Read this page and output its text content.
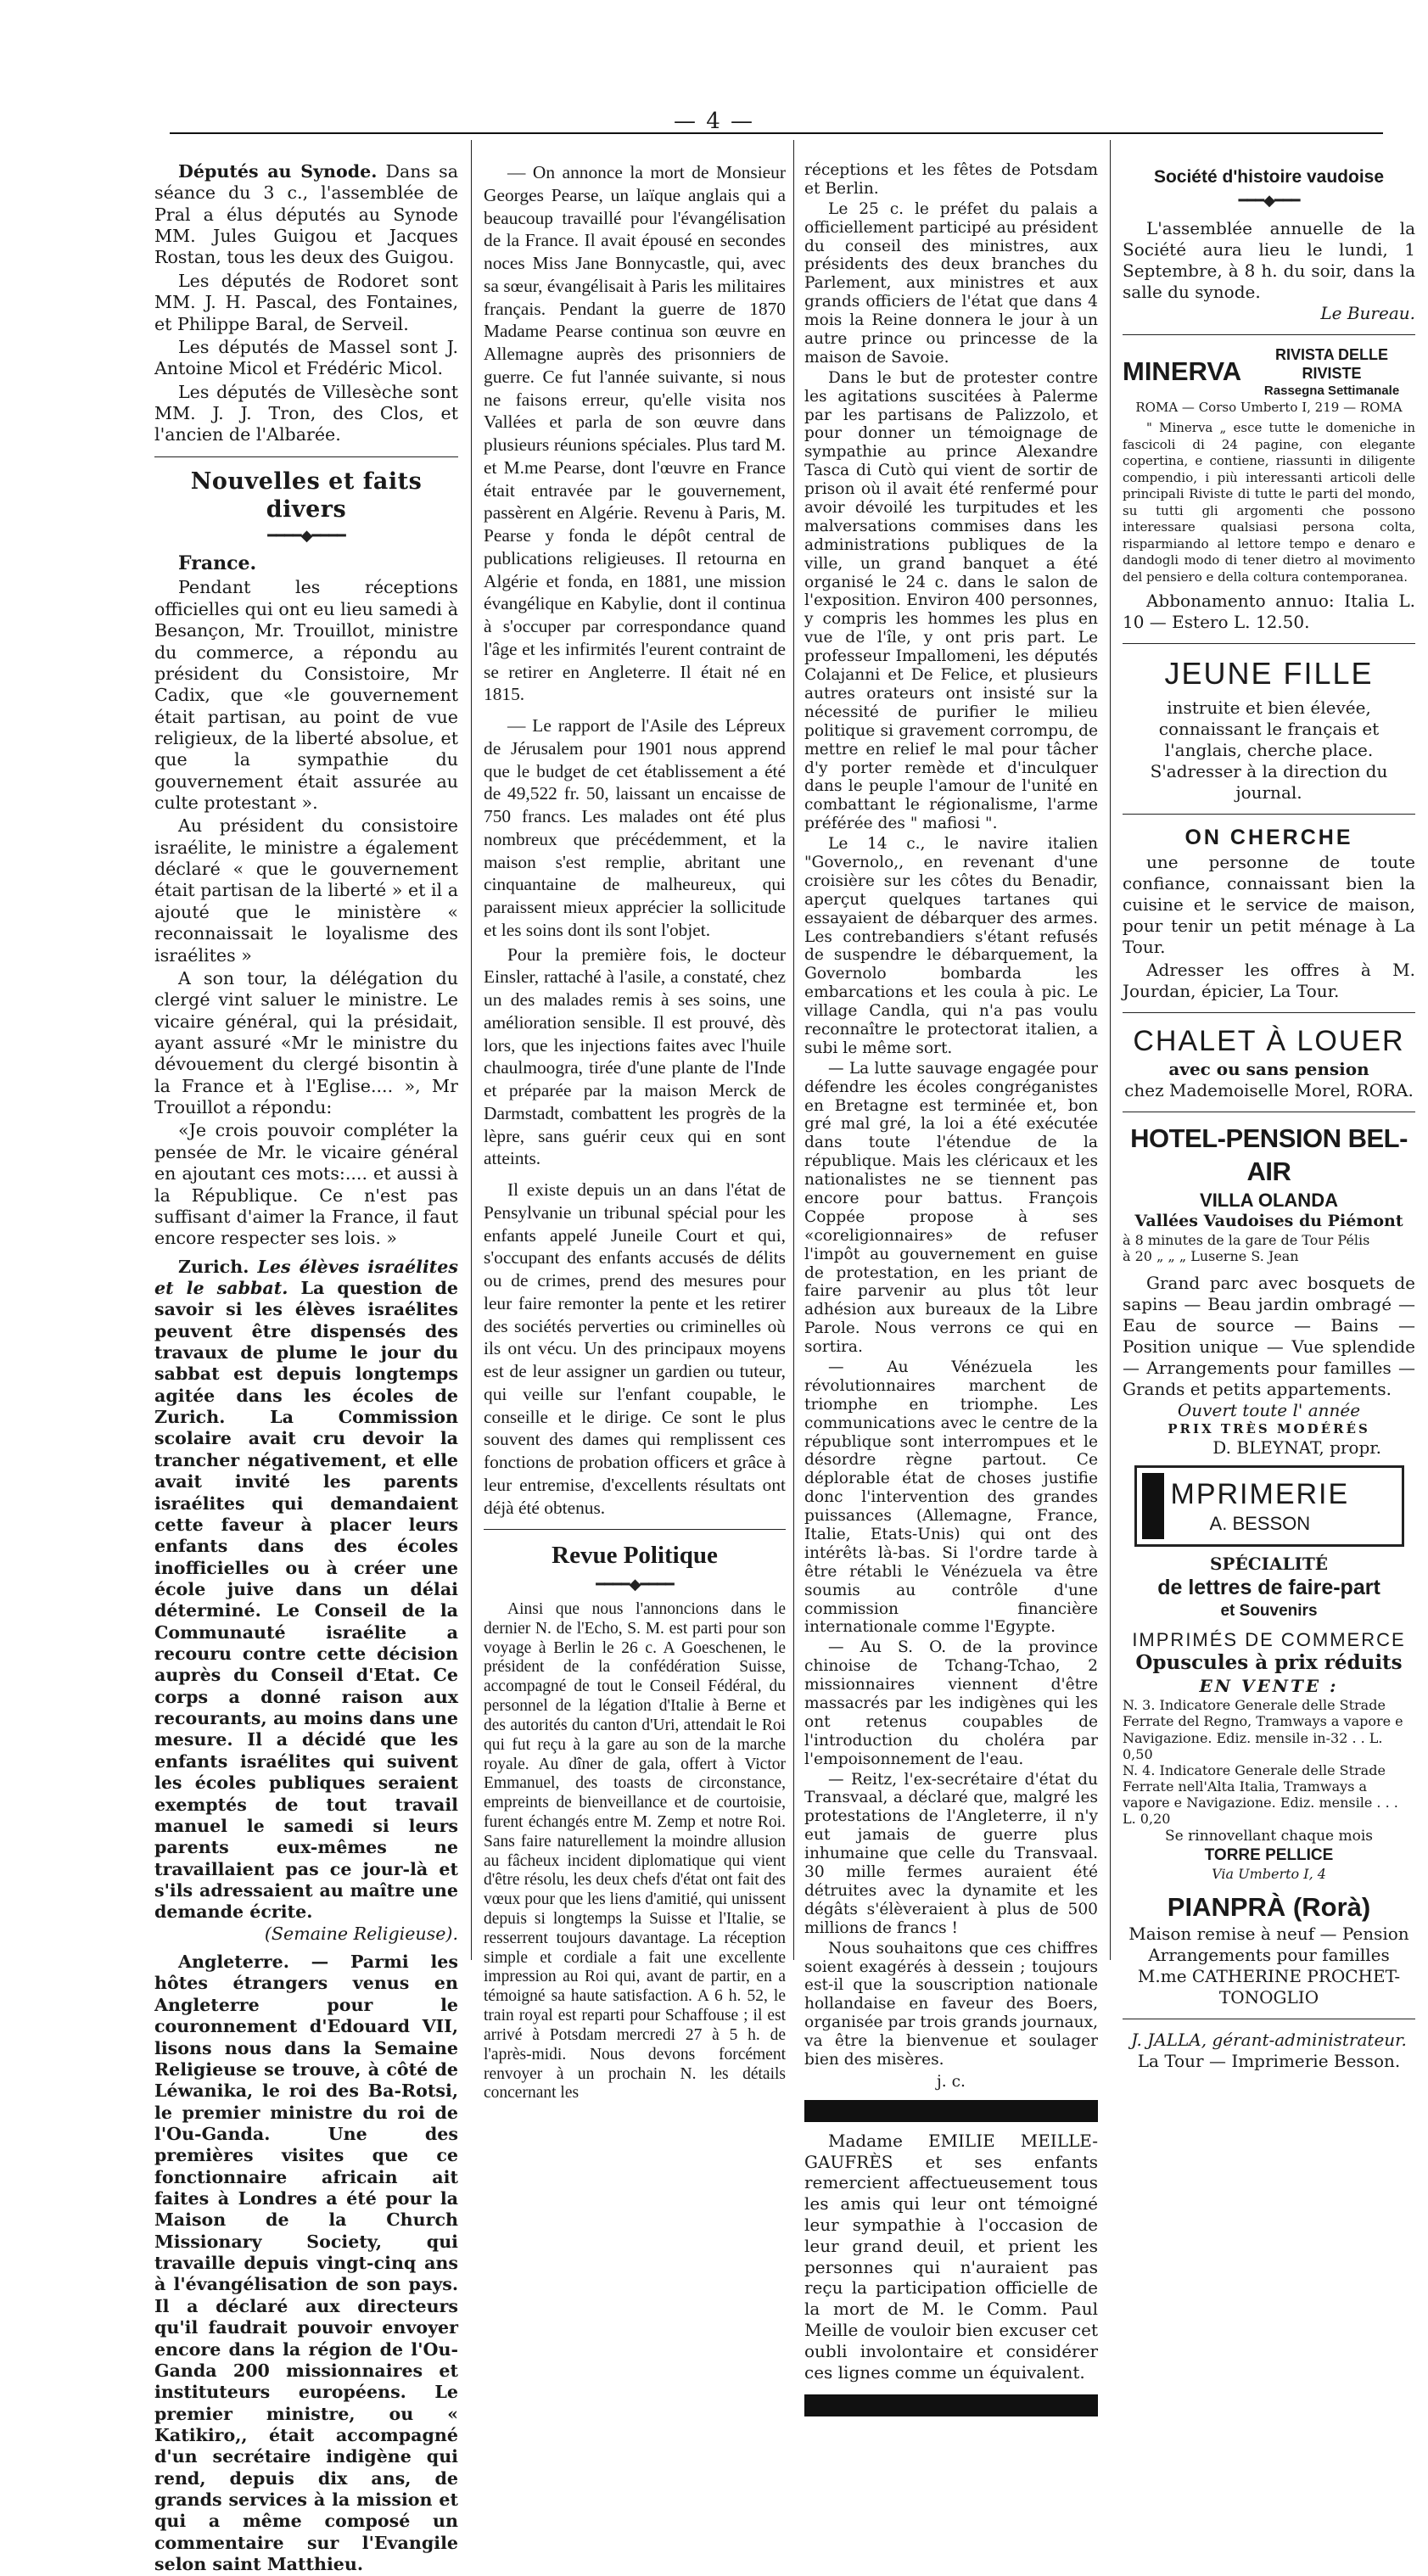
— 4 —

Députés au Synode. Dans sa séance du 3 c., l'assemblée de Pral a élus députés au Synode MM. Jules Guigou et Jacques Rostan, tous les deux des Guigou.

Les députés de Rodoret sont MM. J. H. Pascal, des Fontaines, et Philippe Baral, de Serveil.

Les députés de Massel sont J. Antoine Micol et Frédéric Micol.

Les députés de Villesèche sont MM. J. J. Tron, des Clos, et l'ancien de l'Albarée.

Nouvelles et faits divers
━━━━◆━━━━

France.

Pendant les réceptions officielles qui ont eu lieu samedi à Besançon, Mr. Trouillot, ministre du commerce, a répondu au président du Consistoire, Mr Cadix, que «le gouvernement était partisan, au point de vue religieux, de la liberté absolue, et que la sympathie du gouvernement était assurée au culte protestant ».

Au président du consistoire israélite, le ministre a également déclaré « que le gouvernement était partisan de la liberté » et il a ajouté que le ministère « reconnaissait le loyalisme des israélites »

A son tour, la délégation du clergé vint saluer le ministre. Le vicaire général, qui la présidait, ayant assuré «Mr le ministre du dévouement du clergé bisontin à la France et à l'Eglise.... », Mr Trouillot a répondu:

«Je crois pouvoir compléter la pensée de Mr. le vicaire général en ajoutant ces mots:.... et aussi à la République. Ce n'est pas suffisant d'aimer la France, il faut encore respecter ses lois. »

Zurich. Les élèves israélites et le sabbat. La question de savoir si les élèves israélites peuvent être dispensés des travaux de plume le jour du sabbat est depuis longtemps agitée dans les écoles de Zurich. La Commission scolaire avait cru devoir la trancher négativement, et elle avait invité les parents israélites qui demandaient cette faveur à placer leurs enfants dans des écoles inofficielles ou à créer une école juive dans un délai déterminé. Le Conseil de la Communauté israélite a recouru contre cette décision auprès du Conseil d'Etat. Ce corps a donné raison aux recourants, au moins dans une mesure. Il a décidé que les enfants israélites qui suivent les écoles publiques seraient exemptés de tout travail manuel le samedi si leurs parents eux-mêmes ne travaillaient pas ce jour-là et s'ils adressaient au maître une demande écrite.

(Semaine Religieuse).

Angleterre. — Parmi les hôtes étrangers venus en Angleterre pour le couronnement d'Edouard VII, lisons nous dans la Semaine Religieuse se trouve, à côté de Léwanika, le roi des Ba-Rotsi, le premier ministre du roi de l'Ou-Ganda. Une des premières visites que ce fonctionnaire africain ait faites à Londres a été pour la Maison de la Church Missionary Society, qui travaille depuis vingt-cinq ans à l'évangélisation de son pays. Il a déclaré aux directeurs qu'il faudrait pouvoir envoyer encore dans la région de l'Ou-Ganda 200 missionnaires et instituteurs européens. Le premier ministre, ou « Katikiro,, était accompagné d'un secrétaire indigène qui rend, depuis dix ans, de grands services à la mission et qui a même composé un commentaire sur l'Evangile selon saint Matthieu.

— On annonce la mort de Monsieur Georges Pearse, un laïque anglais qui a beaucoup travaillé pour l'évangélisation de la France. Il avait épousé en secondes noces Miss Jane Bonnycastle, qui, avec sa sœur, évangélisait à Paris les militaires français. Pendant la guerre de 1870 Madame Pearse continua son œuvre en Allemagne auprès des prisonniers de guerre. Ce fut l'année suivante, si nous ne faisons erreur, qu'elle visita nos Vallées et parla de son œuvre dans plusieurs réunions spéciales. Plus tard M. et M.me Pearse, dont l'œuvre en France était entravée par le gouvernement, passèrent en Algérie. Revenu à Paris, M. Pearse y fonda le dépôt central de publications religieuses. Il retourna en Algérie et fonda, en 1881, une mission évangélique en Kabylie, dont il continua à s'occuper par correspondance quand l'âge et les infirmités l'eurent contraint de se retirer en Angleterre. Il était né en 1815.

— Le rapport de l'Asile des Lépreux de Jérusalem pour 1901 nous apprend que le budget de cet établissement a été de 49,522 fr. 50, laissant un encaisse de 750 francs. Les malades ont été plus nombreux que précédemment, et la maison s'est remplie, abritant une cinquantaine de malheureux, qui paraissent mieux apprécier la sollicitude et les soins dont ils sont l'objet.

Pour la première fois, le docteur Einsler, rattaché à l'asile, a constaté, chez un des malades remis à ses soins, une amélioration sensible. Il est prouvé, dès lors, que les injections faites avec l'huile chaulmoogra, tirée d'une plante de l'Inde et préparée par la maison Merck de Darmstadt, combattent les progrès de la lèpre, sans guérir ceux qui en sont atteints.

Il existe depuis un an dans l'état de Pensylvanie un tribunal spécial pour les enfants appelé Juneile Court et qui, s'occupant des enfants accusés de délits ou de crimes, prend des mesures pour leur faire remonter la pente et les retirer des sociétés perverties ou criminelles où ils ont vécu. Un des principaux moyens est de leur assigner un gardien ou tuteur, qui veille sur l'enfant coupable, le conseille et le dirige. Ce sont le plus souvent des dames qui remplissent ces fonctions de probation officers et grâce à leur entremise, d'excellents résultats ont déjà été obtenus.

Revue Politique
━━━━◆━━━━

Ainsi que nous l'annoncions dans le dernier N. de l'Echo, S. M. est parti pour son voyage à Berlin le 26 c. A Goeschenen, le président de la confédération Suisse, accompagné de tout le Conseil Fédéral, du personnel de la légation d'Italie à Berne et des autorités du canton d'Uri, attendait le Roi qui fut reçu à la gare au son de la marche royale. Au dîner de gala, offert à Victor Emmanuel, des toasts de circonstance, empreints de bienveillance et de courtoisie, furent échangés entre M. Zemp et notre Roi. Sans faire naturellement la moindre allusion au fâcheux incident diplomatique qui vient d'être résolu, les deux chefs d'état ont fait des vœux pour que les liens d'amitié, qui unissent depuis si longtemps la Suisse et l'Italie, se resserrent toujours davantage. La réception simple et cordiale a fait une excellente impression au Roi qui, avant de partir, en a témoigné sa haute satisfaction. A 6 h. 52, le train royal est reparti pour Schaffouse ; il est arrivé à Potsdam mercredi 27 à 5 h. de l'après-midi. Nous devons forcément renvoyer à un prochain N. les détails concernant les

réceptions et les fêtes de Potsdam et Berlin.

Le 25 c. le préfet du palais a officiellement participé au président du conseil des ministres, aux présidents des deux branches du Parlement, aux ministres et aux grands officiers de l'état que dans 4 mois la Reine donnera le jour à un autre prince ou princesse de la maison de Savoie.

Dans le but de protester contre les agitations suscitées à Palerme par les partisans de Palizzolo, et pour donner un témoignage de sympathie au prince Alexandre Tasca di Cutò qui vient de sortir de prison où il avait été renfermé pour avoir dévoilé les turpitudes et les malversations commises dans les administrations publiques de la ville, un grand banquet a été organisé le 24 c. dans le salon de l'exposition. Environ 400 personnes, y compris les hommes les plus en vue de l'île, y ont pris part. Le professeur Impallomeni, les députés Colajanni et De Felice, et plusieurs autres orateurs ont insisté sur la nécessité de purifier le milieu politique si gravement corrompu, de mettre en relief le mal pour tâcher d'y porter remède et d'inculquer dans le peuple l'amour de l'unité en combattant le régionalisme, l'arme préférée des " mafiosi ".

Le 14 c., le navire italien "Governolo,, en revenant d'une croisière sur les côtes du Benadir, aperçut quelques tartanes qui essayaient de débarquer des armes. Les contrebandiers s'étant refusés de suspendre le débarquement, la Governolo bombarda les embarcations et les coula à pic. Le village Candla, qui n'a pas voulu reconnaître le protectorat italien, a subi le même sort.

— La lutte sauvage engagée pour défendre les écoles congréganistes en Bretagne est terminée et, bon gré mal gré, la loi a été exécutée dans toute l'étendue de la république. Mais les cléricaux et les nationalistes ne se tiennent pas encore pour battus. François Coppée propose à ses «coreligionnaires» de refuser l'impôt au gouvernement en guise de protestation, en les priant de faire parvenir au plus tôt leur adhésion aux bureaux de la Libre Parole. Nous verrons ce qui en sortira.

— Au Vénézuela les révolutionnaires marchent de triomphe en triomphe. Les communications avec le centre de la république sont interrompues et le désordre règne partout. Ce déplorable état de choses justifie donc l'intervention des grandes puissances (Allemagne, France, Italie, Etats-Unis) qui ont des intérêts là-bas. Si l'ordre tarde à être rétabli le Vénézuela va être soumis au contrôle d'une commission financière internationale comme l'Egypte.

— Au S. O. de la province chinoise de Tchang-Tchao, 2 missionnaires viennent d'être massacrés par les indigènes qui les ont retenus coupables de l'introduction du choléra par l'empoisonnement de l'eau.

— Reitz, l'ex-secrétaire d'état du Transvaal, a déclaré que, malgré les protestations de l'Angleterre, il n'y eut jamais de guerre plus inhumaine que celle du Transvaal. 30 mille fermes auraient été détruites avec la dynamite et les dégâts s'élèveraient à plus de 500 millions de francs !

Nous souhaitons que ces chiffres soient exagérés à dessein ; toujours est-il que la souscription nationale hollandaise en faveur des Boers, organisée par trois grands journaux, va être la bienvenue et soulager bien des misères.

j. c.

Madame EMILIE MEILLE-GAUFRÈS et ses enfants remercient affectueusement tous les amis qui leur ont témoigné leur sympathie à l'occasion de leur grand deuil, et prient les personnes qui n'auraient pas reçu la participation officielle de la mort de M. le Comm. Paul Meille de vouloir bien excuser cet oubli involontaire et considérer ces lignes comme un équivalent.

Société d'histoire vaudoise
━━━◆━━━

L'assemblée annuelle de la Société aura lieu le lundi, 1 Septembre, à 8 h. du soir, dans la salle du synode.

Le Bureau.
MINERVA
RIVISTA DELLE RIVISTE
Rassegna Settimanale
ROMA — Corso Umberto I, 219 — ROMA

" Minerva „ esce tutte le domeniche in fascicoli di 24 pagine, con elegante copertina, e contiene, riassunti in diligente compendio, i più interessanti articoli delle principali Riviste di tutte le parti del mondo, su tutti gli argomenti che possono interessare qualsiasi persona colta, risparmiando al lettore tempo e denaro e dandogli modo di tener dietro al movimento del pensiero e della coltura contemporanea.

Abbonamento annuo: Italia L. 10 — Estero L. 12.50.

JEUNE FILLE

instruite et bien élevée, connaissant le français et l'anglais, cherche place. S'adresser à la direction du journal.

ON CHERCHE

une personne de toute confiance, connaissant bien la cuisine et le service de maison, pour tenir un petit ménage à La Tour.

Adresser les offres à M. Jourdan, épicier, La Tour.

CHALET À LOUER
avec ou sans pension
chez Mademoiselle Morel, RORA.
HOTEL-PENSION BEL-AIR
VILLA OLANDA
Vallées Vaudoises du Piémont
à 8 minutes de la gare de Tour Pélis
à 20 „ „ „ Luserne S. Jean

Grand parc avec bosquets de sapins — Beau jardin ombragé — Eau de source — Bains — Position unique — Vue splendide — Arrangements pour familles — Grands et petits appartements.

Ouvert toute l' année
PRIX TRÈS MODÉRÉS
D. BLEYNAT, propr.
MPRIMERIE
A. BESSON
SPÉCIALITÉ
de lettres de faire-part
et Souvenirs
IMPRIMÉS DE COMMERCE
Opuscules à prix réduits
EN VENTE :
N. 3. Indicatore Generale delle Strade Ferrate del Regno, Tramways a vapore e Navigazione. Ediz. mensile in-32 . . L. 0,50
N. 4. Indicatore Generale delle Strade Ferrate nell'Alta Italia, Tramways a vapore e Navigazione. Ediz. mensile . . . L. 0,20
Se rinnovellant chaque mois
TORRE PELLICE
Via Umberto I, 4
PIANPRÀ (Rorà)
Maison remise à neuf — Pension
Arrangements pour familles
M.me CATHERINE PROCHET-TONOGLIO
J. JALLA, gérant-administrateur.
La Tour — Imprimerie Besson.
